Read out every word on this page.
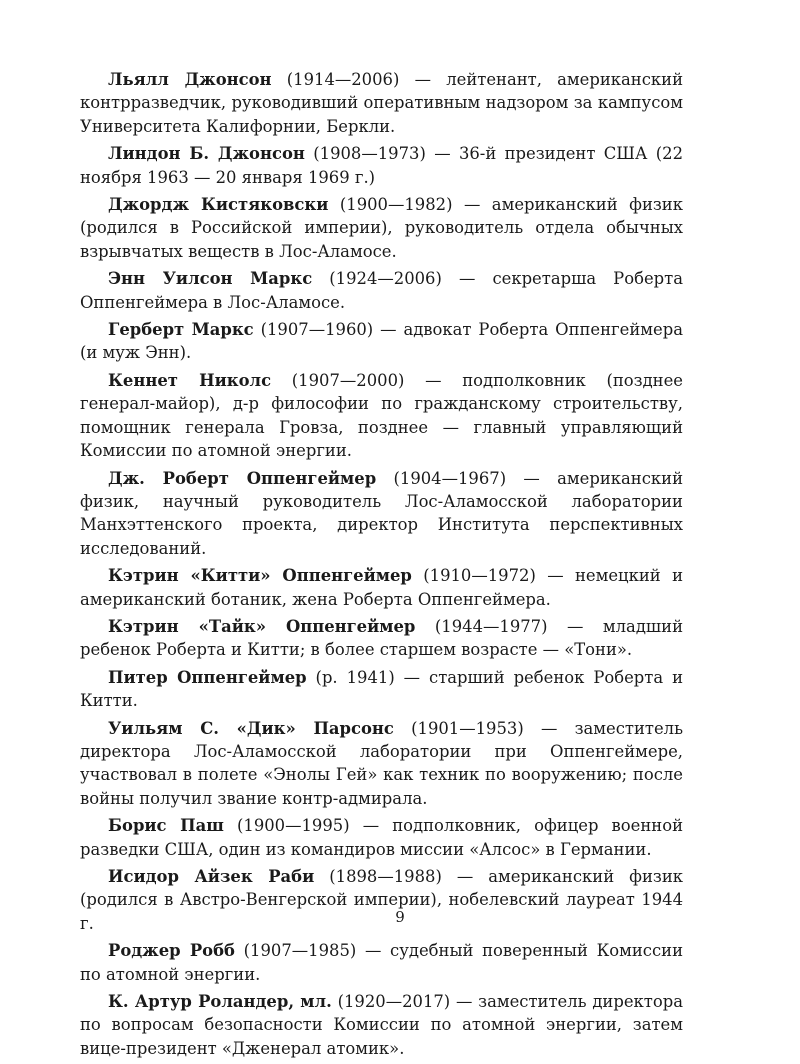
Льялл Джонсон (1914—2006) — лейтенант, американский контрразведчик, руководивший оперативным надзором за кампусом Университета Калифорнии, Беркли.

Линдон Б. Джонсон (1908—1973) — 36-й президент США (22 ноября 1963 — 20 января 1969 г.)

Джордж Кистяковски (1900—1982) — американский физик (родился в Российской империи), руководитель отдела обычных взрывчатых веществ в Лос-Аламосе.

Энн Уилсон Маркс (1924—2006) — секретарша Роберта Оппенгеймера в Лос-Аламосе.

Герберт Маркс (1907—1960) — адвокат Роберта Оппенгеймера (и муж Энн).

Кеннет Николс (1907—2000) — подполковник (позднее генерал-майор), д-р философии по гражданскому строительству, помощник генерала Гровза, позднее — главный управляющий Комиссии по атомной энергии.

Дж. Роберт Оппенгеймер (1904—1967) — американский физик, научный руководитель Лос-Аламосской лаборатории Манхэттенского проекта, директор Института перспективных исследований.

Кэтрин «Китти» Оппенгеймер (1910—1972) — немецкий и американский ботаник, жена Роберта Оппенгеймера.

Кэтрин «Тайк» Оппенгеймер (1944—1977) — младший ребенок Роберта и Китти; в более старшем возрасте — «Тони».

Питер Оппенгеймер (р. 1941) — старший ребенок Роберта и Китти.

Уильям С. «Дик» Парсонс (1901—1953) — заместитель директора Лос-Аламосской лаборатории при Оппенгеймере, участвовал в полете «Энолы Гей» как техник по вооружению; после войны получил звание контр-адмирала.

Борис Паш (1900—1995) — подполковник, офицер военной разведки США, один из командиров миссии «Алсос» в Германии.

Исидор Айзек Раби (1898—1988) — американский физик (родился в Австро-Венгерской империи), нобелевский лауреат 1944 г.

Роджер Робб (1907—1985) — судебный поверенный Комиссии по атомной энергии.

К. Артур Роландер, мл. (1920—2017) — заместитель директора по вопросам безопасности Комиссии по атомной энергии, затем вице-президент «Дженерал атомик».

9
